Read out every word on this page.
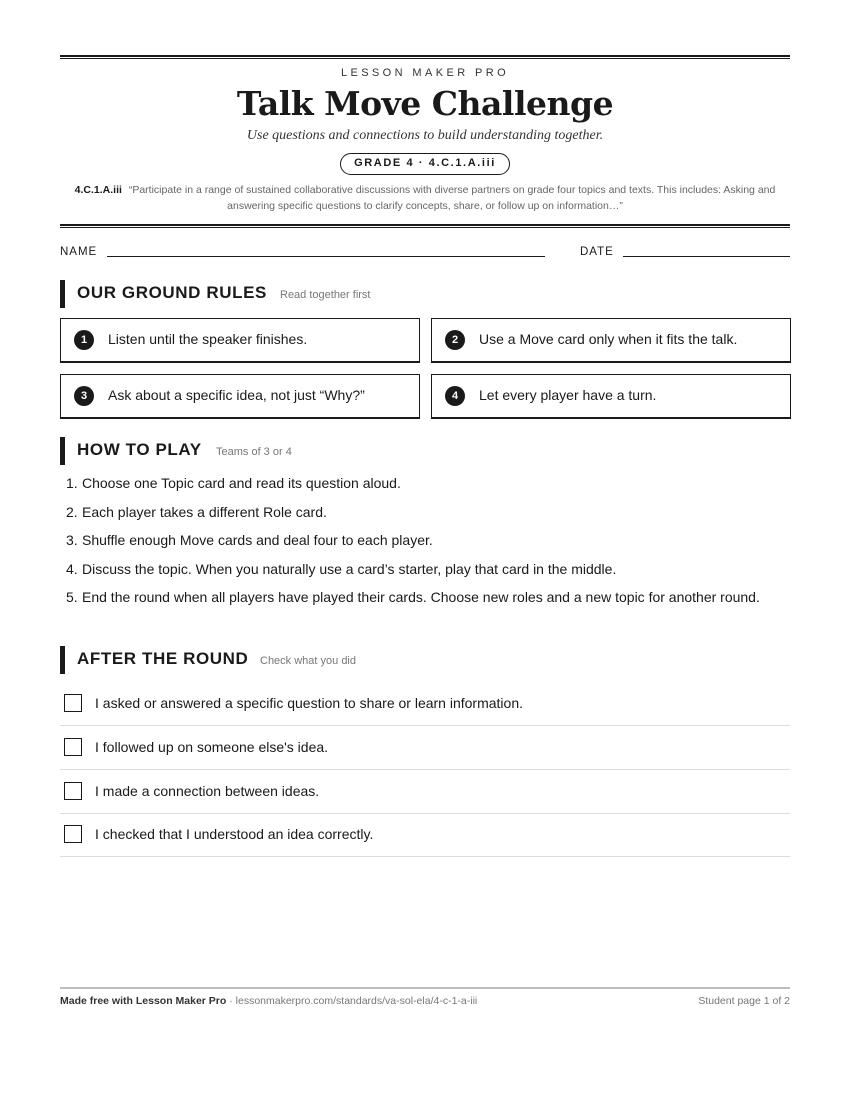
LESSON MAKER PRO
Talk Move Challenge
Use questions and connections to build understanding together.
GRADE 4 · 4.C.1.A.iii
4.C.1.A.iii “Participate in a range of sustained collaborative discussions with diverse partners on grade four topics and texts. This includes: Asking and answering specific questions to clarify concepts, share, or follow up on information…”
NAME	DATE
OUR GROUND RULES Read together first
1	Listen until the speaker finishes.	2	Use a Move card only when it fits the talk.
3	Ask about a specific idea, not just “Why?”	4	Let every player have a turn.
HOW TO PLAY Teams of 3 or 4
1. Choose one Topic card and read its question aloud.
2. Each player takes a different Role card.
3. Shuffle enough Move cards and deal four to each player.
4. Discuss the topic. When you naturally use a card’s starter, play that card in the middle.
5. End the round when all players have played their cards. Choose new roles and a new topic for another round.
AFTER THE ROUND Check what you did
I asked or answered a specific question to share or learn information.
I followed up on someone else's idea.
I made a connection between ideas.
I checked that I understood an idea correctly.
Made free with Lesson Maker Pro · lessonmakerpro.com/standards/va-sol-ela/4-c-1-a-iii	Student page 1 of 2
